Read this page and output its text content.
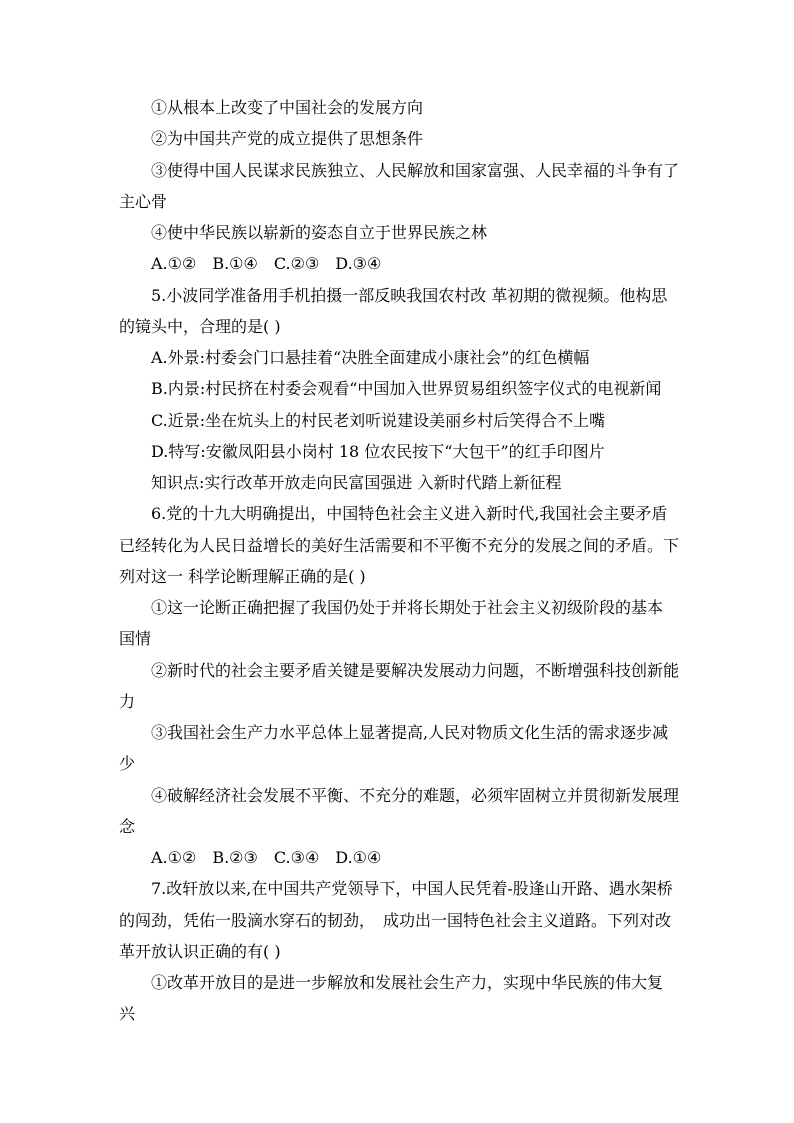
①从根本上改变了中国社会的发展方向
②为中国共产党的成立提供了思想条件
③使得中国人民谋求民族独立、人民解放和国家富强、人民幸福的斗争有了
主心骨
④使中华民族以崭新的姿态自立于世界民族之林
A.①②　B.①④　C.②③　D.③④
5.小波同学准备用手机拍摄一部反映我国农村改 革初期的微视频。他构思
的镜头中，合理的是( )
A.外景:村委会门口悬挂着“决胜全面建成小康社会”的红色横幅
B.内景:村民挤在村委会观看“中国加入世界贸易组织签字仪式的电视新闻
C.近景:坐在炕头上的村民老刘听说建设美丽乡村后笑得合不上嘴
D.特写:安徽凤阳县小岗村 18 位农民按下“大包干”的红手印图片
知识点:实行改革开放走向民富国强进 入新时代踏上新征程
6.党的十九大明确提出，中国特色社会主义进入新时代,我国社会主要矛盾
已经转化为人民日益增长的美好生活需要和不平衡不充分的发展之间的矛盾。下
列对这一 科学论断理解正确的是( )
①这一论断正确把握了我国仍处于并将长期处于社会主义初级阶段的基本
国情
②新时代的社会主要矛盾关键是要解决发展动力问题，不断增强科技创新能
力
③我国社会生产力水平总体上显著提高,人民对物质文化生活的需求逐步减
少
④破解经济社会发展不平衡、不充分的难题，必须牢固树立并贯彻新发展理
念
A.①②　B.②③　C.③④　D.①④
7.改轩放以来,在中国共产党领导下，中国人民凭着-股逢山开路、遇水架桥
的闯劲，凭佑一股滴水穿石的韧劲，　成功出一国特色社会主义道路。下列对改
革开放认识正确的有( )
①改革开放目的是进一步解放和发展社会生产力，实现中华民族的伟大复
兴
